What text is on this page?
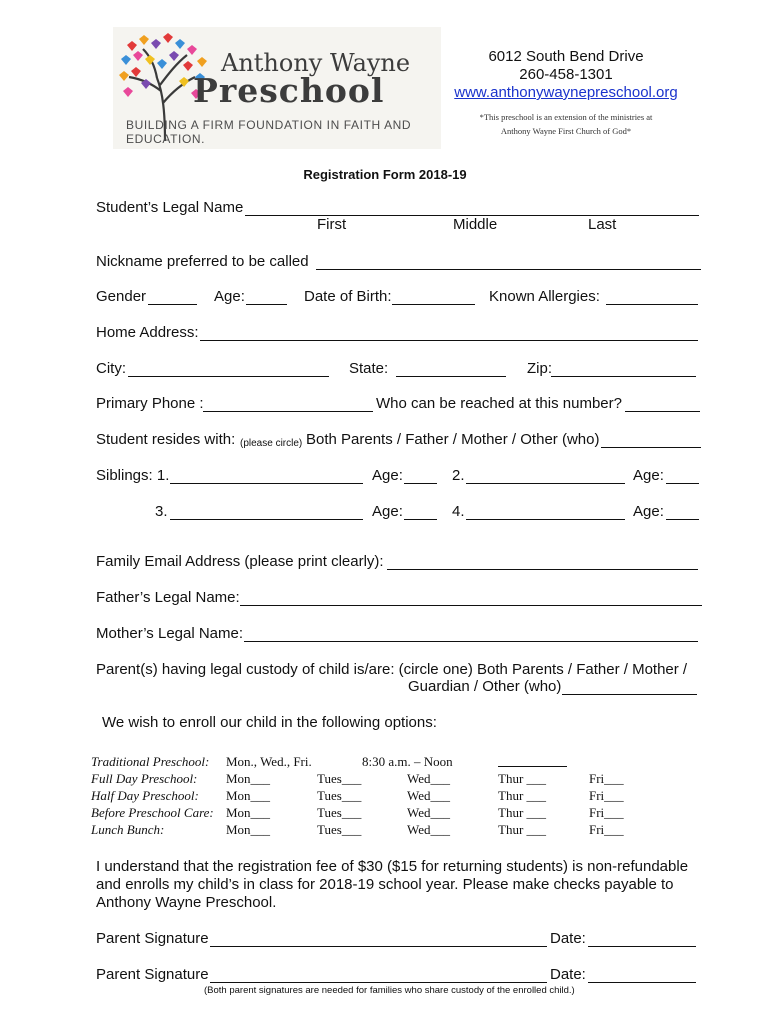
Anthony Wayne
Preschool
BUILDING A FIRM FOUNDATION IN FAITH AND EDUCATION.
6012 South Bend Drive
260-458-1301
www.anthonywaynepreschool.org
*This preschool is an extension of the ministries at
Anthony Wayne First Church of God*
Registration Form 2018-19
Student’s Legal Name
First	Middle	Last
Nickname preferred to be called
Gender	Age:	Date of Birth:	Known Allergies:
Home Address:
City:	State:	Zip:
Primary Phone :	Who can be reached at this number?
Student resides with: (please circle) Both Parents / Father / Mother / Other (who)
Siblings: 1.	Age:	2.	Age:
3.	Age:	4.	Age:
Family Email Address (please print clearly):
Father’s Legal Name:
Mother’s Legal Name:
Parent(s) having legal custody of child is/are: (circle one) Both Parents / Father / Mother /
Guardian / Other (who)
We wish to enroll our child in the following options:
Traditional Preschool: Mon., Wed., Fri.	8:30 a.m. – Noon
Full Day Preschool: Mon___	Tues___	Wed___	Thur ___	Fri___
Half Day Preschool: Mon___	Tues___	Wed___	Thur ___	Fri___
Before Preschool Care: Mon___	Tues___	Wed___	Thur ___	Fri___
Lunch Bunch:	Mon___	Tues___	Wed___	Thur ___	Fri___
I understand that the registration fee of $30 ($15 for returning students) is non-refundable
and enrolls my child’s in class for 2018-19 school year. Please make checks payable to
Anthony Wayne Preschool.
Parent Signature	Date:
Parent Signature	Date:
(Both parent signatures are needed for families who share custody of the enrolled child.)
